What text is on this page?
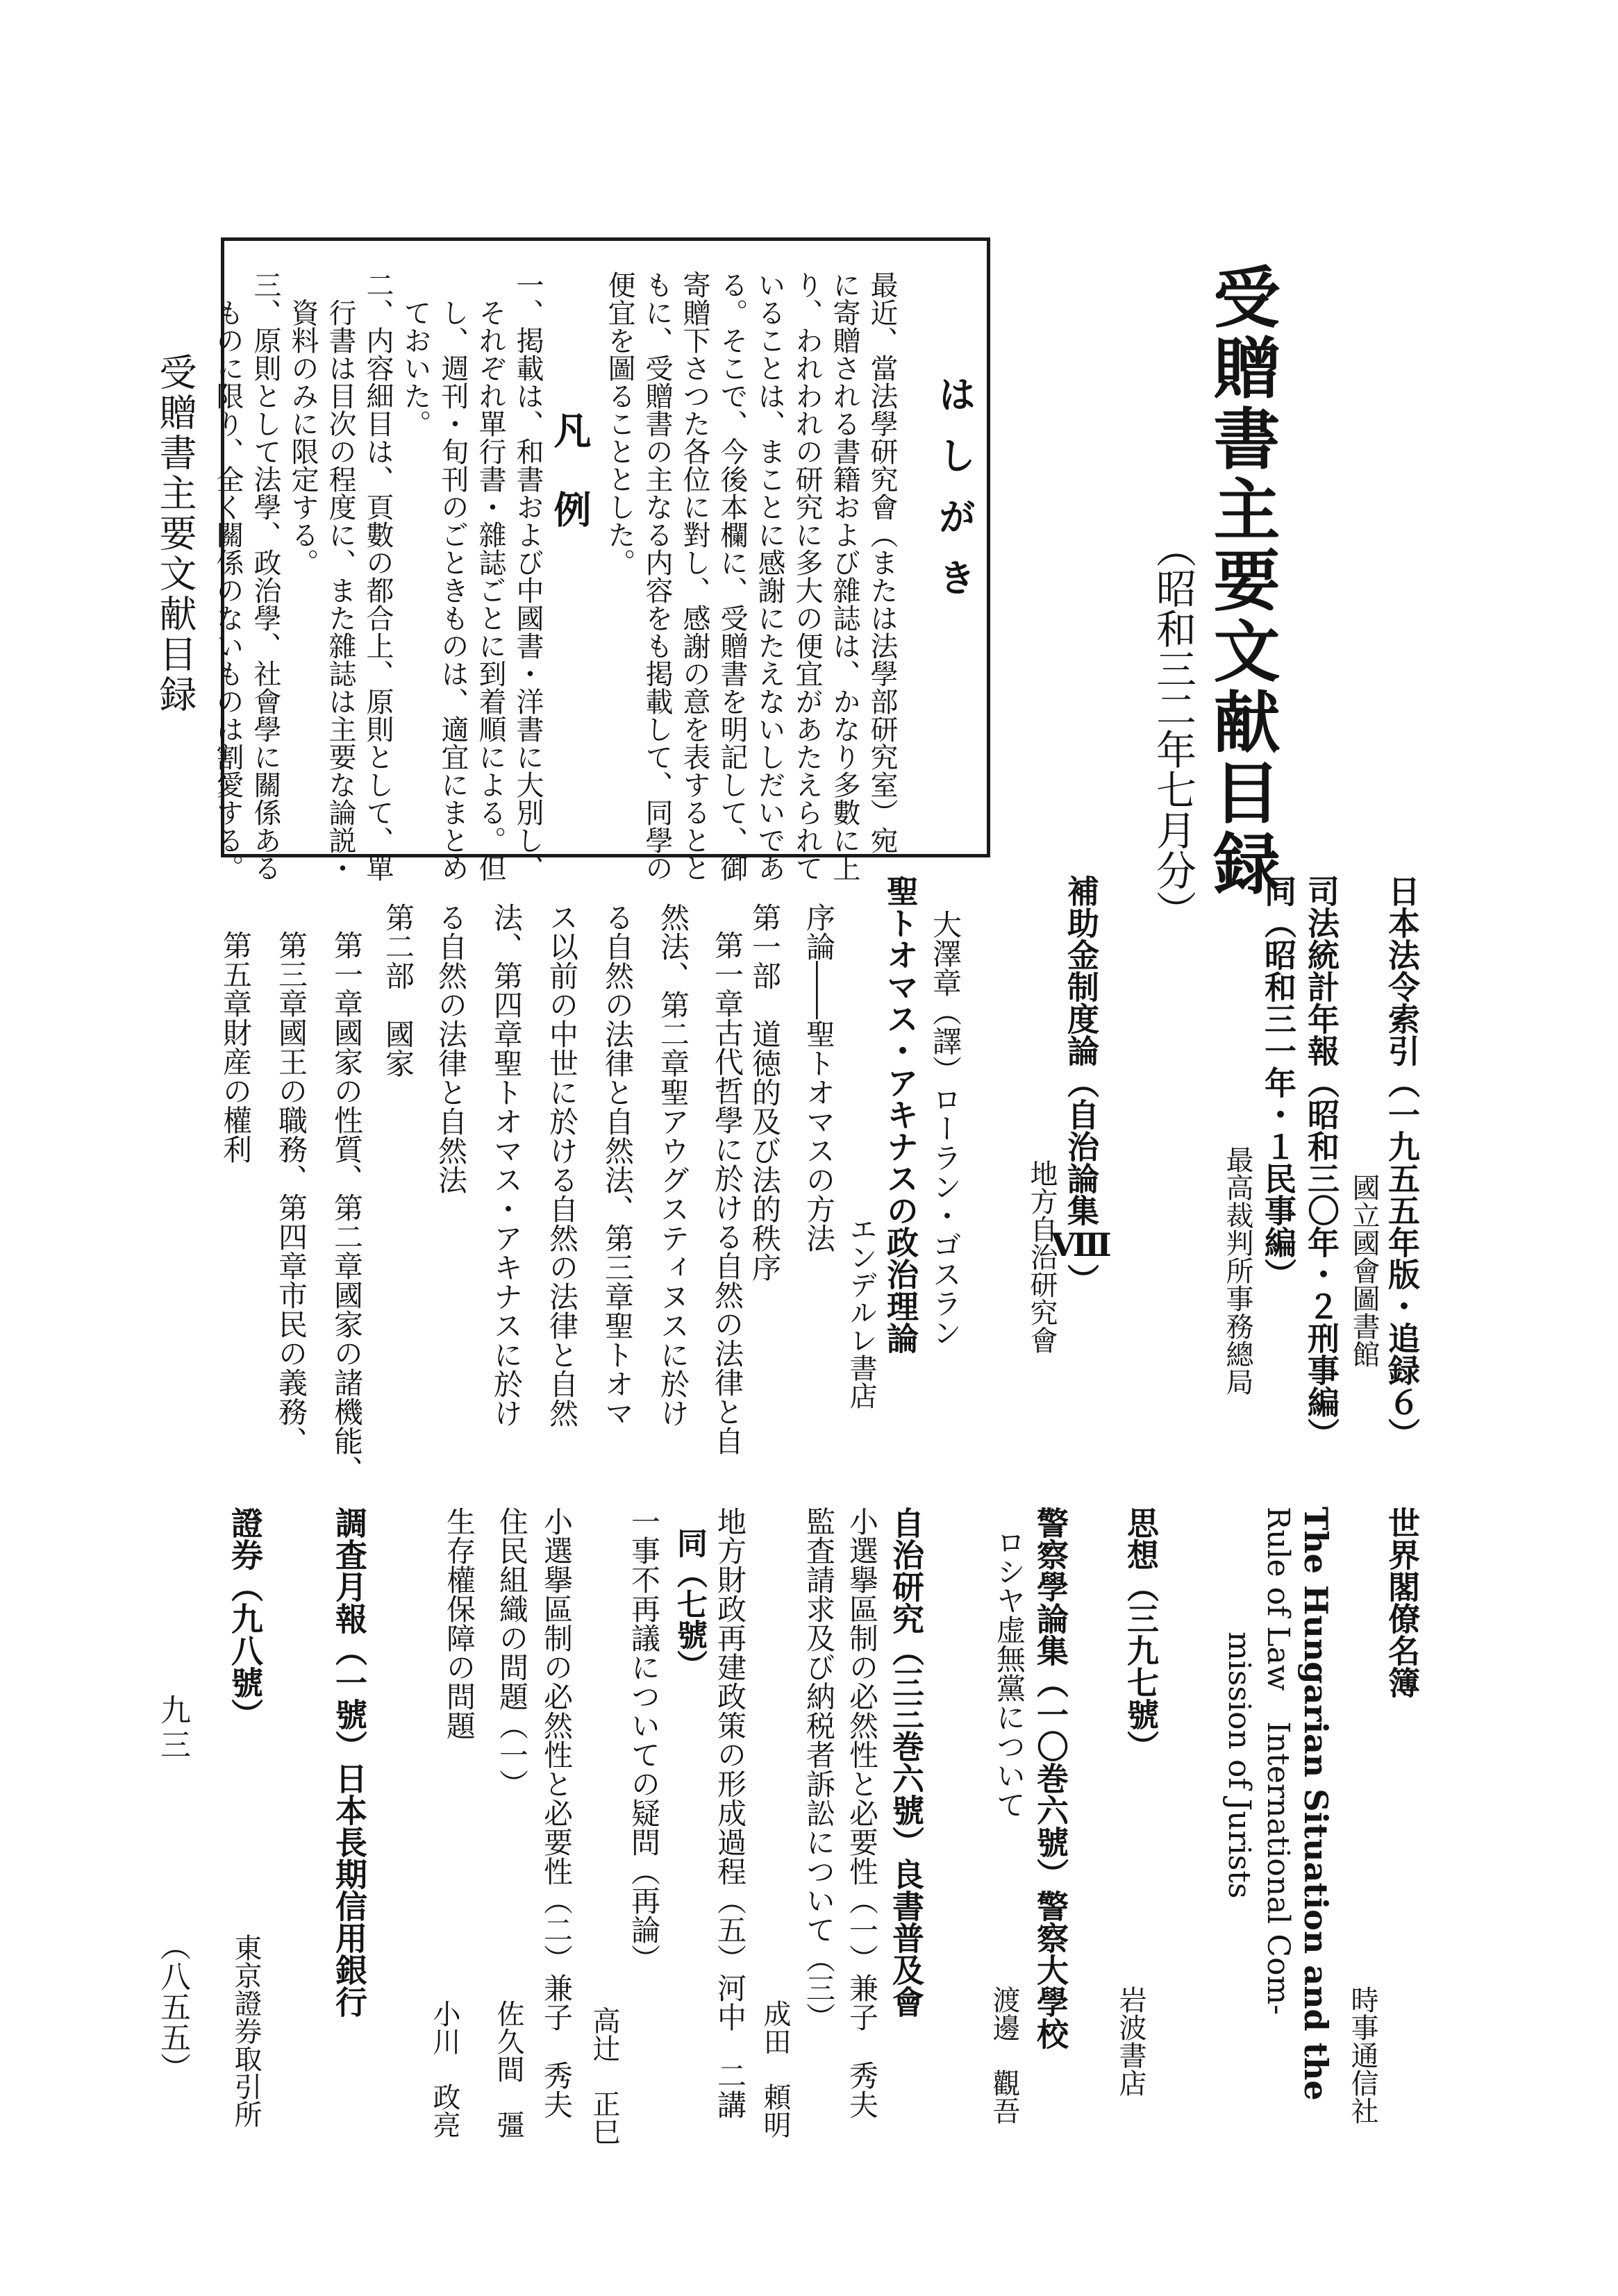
受贈書主要文献目録
（昭和三二年七月分）
受贈書主要文献目録	はしがき
最近、當法學研究會（または法學部研究室）宛
に寄贈される書籍および雜誌は、かなり多數に上
り、われわれの研究に多大の便宜があたえられて
いることは、まことに感謝にたえないしだいであ
る。そこで、今後本欄に、受贈書を明記して、御
寄贈下さつた各位に對し、感謝の意を表するとと
もに、受贈書の主なる内容をも掲載して、同學の
便宜を圖ることとした。
凡例
一、掲載は、和書および中國書・洋書に大別し、
それぞれ單行書・雜誌ごとに到着順による。但
し、週刊・旬刊のごときものは、適宜にまとめ
ておいた。
二、内容細目は、頁數の都合上、原則として、單
行書は目次の程度に、また雜誌は主要な論説・
資料のみに限定する。
三、原則として法學、政治學、社會學に關係ある
ものに限り、全く關係のないものは割愛する。
日本法令索引（一九五五年版・追録６）
國立國會圖書館
司法統計年報（昭和三〇年・２刑事編）
同（昭和三一年・１民事編）
最高裁判所事務總局
補助金制度論（自治論集Ⅷ）
地方自治研究會
大澤章（譯）ローラン・ゴスラン
聖トオマス・アキナスの政治理論
エンデルレ書店
序論――聖トオマスの方法
第一部　道徳的及び法的秩序
第一章古代哲學に於ける自然の法律と自
然法、第二章聖アウグスティヌスに於け
る自然の法律と自然法、第三章聖トオマ
ス以前の中世に於ける自然の法律と自然
法、第四章聖トオマス・アキナスに於け
る自然の法律と自然法
第二部　國家
第一章國家の性質、第二章國家の諸機能、
第三章國王の職務、第四章市民の義務、
第五章財産の權利
世界閣僚名簿
時事通信社
The Hungarian Situation and the
Rule of Law　International Com-
mission of Jurists
思想（三九七號）
岩波書店
警察學論集（一〇巻六號）警察大學校
ロシヤ虚無黨について
渡邊　觀吾
自治研究（三三巻六號）良書普及會
小選擧區制の必然性と必要性（一）兼子　秀夫
監査請求及び納税者訴訟について（三）
成田　頼明
地方財政再建政策の形成過程（五）河中　二講
同（七號）
一事不再議についての疑問（再論）
高辻　正巳
小選擧區制の必然性と必要性（二）兼子　秀夫
住民組織の問題（一）
佐久間　彊
生存權保障の問題
小川　政亮
調査月報（一號）日本長期信用銀行
證券（九八號）
東京證券取引所
九三
（八五五）
